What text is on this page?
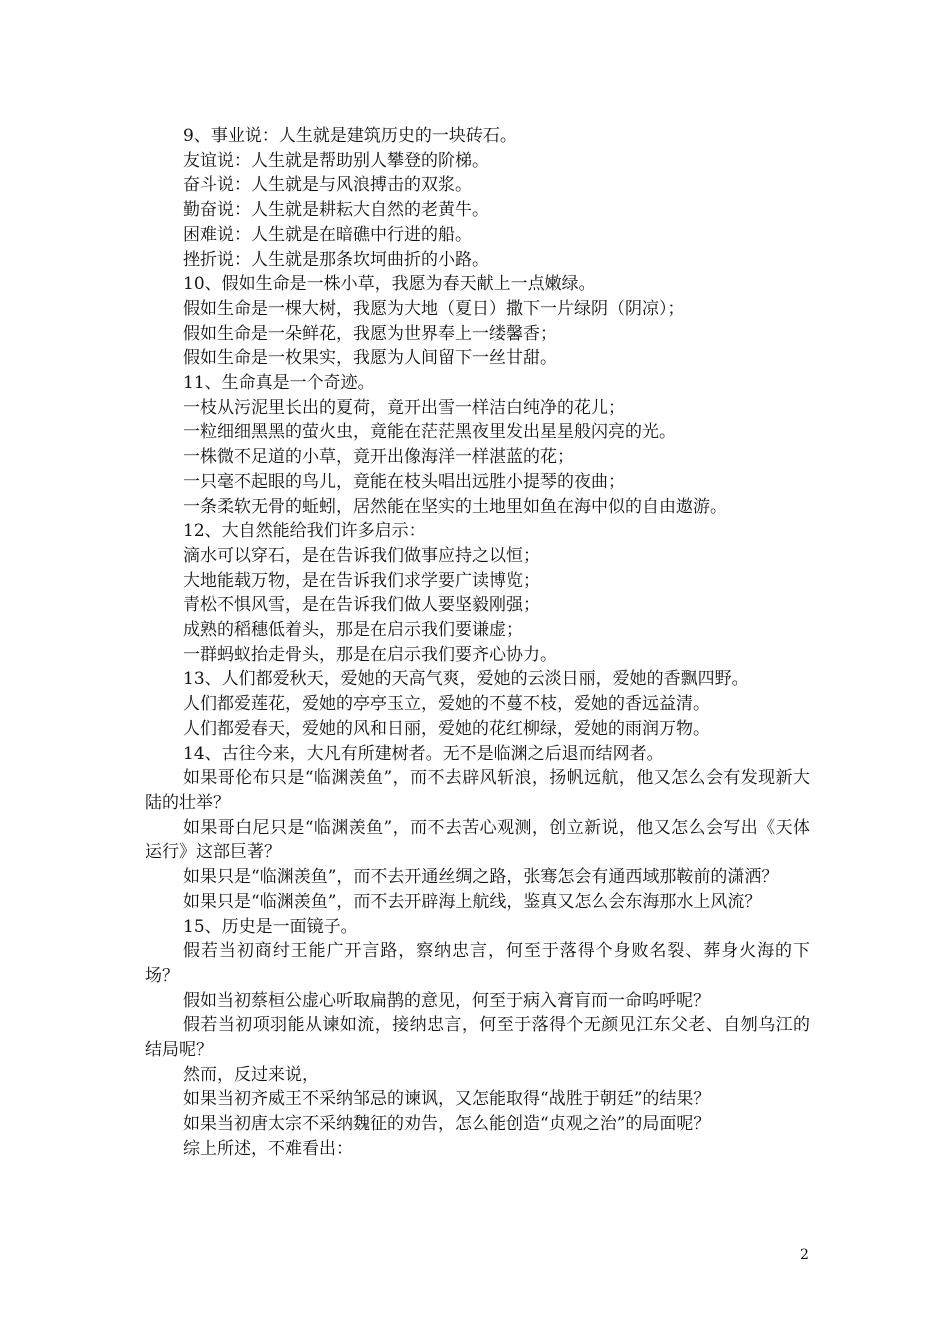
9、事业说：人生就是建筑历史的一块砖石。

友谊说：人生就是帮助别人攀登的阶梯。

奋斗说：人生就是与风浪搏击的双浆。

勤奋说：人生就是耕耘大自然的老黄牛。

困难说：人生就是在暗礁中行进的船。

挫折说：人生就是那条坎坷曲折的小路。

10、假如生命是一株小草，我愿为春天献上一点嫩绿。

假如生命是一棵大树，我愿为大地（夏日）撒下一片绿阴（阴凉）；

假如生命是一朵鲜花，我愿为世界奉上一缕馨香；

假如生命是一枚果实，我愿为人间留下一丝甘甜。

11、生命真是一个奇迹。

一枝从污泥里长出的夏荷，竟开出雪一样洁白纯净的花儿；

一粒细细黑黑的萤火虫，竟能在茫茫黑夜里发出星星般闪亮的光。

一株微不足道的小草，竟开出像海洋一样湛蓝的花；

一只毫不起眼的鸟儿，竟能在枝头唱出远胜小提琴的夜曲；

一条柔软无骨的蚯蚓，居然能在坚实的土地里如鱼在海中似的自由遨游。

12、大自然能给我们许多启示：

滴水可以穿石，是在告诉我们做事应持之以恒；

大地能载万物，是在告诉我们求学要广读博览；

青松不惧风雪，是在告诉我们做人要坚毅刚强；

成熟的稻穗低着头，那是在启示我们要谦虚；

一群蚂蚁抬走骨头，那是在启示我们要齐心协力。

13、人们都爱秋天，爱她的天高气爽，爱她的云淡日丽，爱她的香飘四野。

人们都爱莲花，爱她的亭亭玉立，爱她的不蔓不枝，爱她的香远益清。

人们都爱春天，爱她的风和日丽，爱她的花红柳绿，爱她的雨润万物。

14、古往今来，大凡有所建树者。无不是临渊之后退而结网者。

如果哥伦布只是“临渊羡鱼”，而不去辟风斩浪，扬帆远航，他又怎么会有发现新大陆的壮举？

如果哥白尼只是“临渊羡鱼”，而不去苦心观测，创立新说，他又怎么会写出《天体运行》这部巨著？

如果只是“临渊羡鱼”，而不去开通丝绸之路，张骞怎会有通西域那鞍前的潇洒？

如果只是“临渊羡鱼”，而不去开辟海上航线，鉴真又怎么会东海那水上风流？

15、历史是一面镜子。

假若当初商纣王能广开言路，察纳忠言，何至于落得个身败名裂、葬身火海的下场？

假如当初蔡桓公虚心听取扁鹊的意见，何至于病入膏肓而一命呜呼呢？

假若当初项羽能从谏如流，接纳忠言，何至于落得个无颜见江东父老、自刎乌江的结局呢？

然而，反过来说，

如果当初齐威王不采纳邹忌的谏讽，又怎能取得“战胜于朝廷”的结果？

如果当初唐太宗不采纳魏征的劝告，怎么能创造“贞观之治”的局面呢？

综上所述，不难看出：

2
